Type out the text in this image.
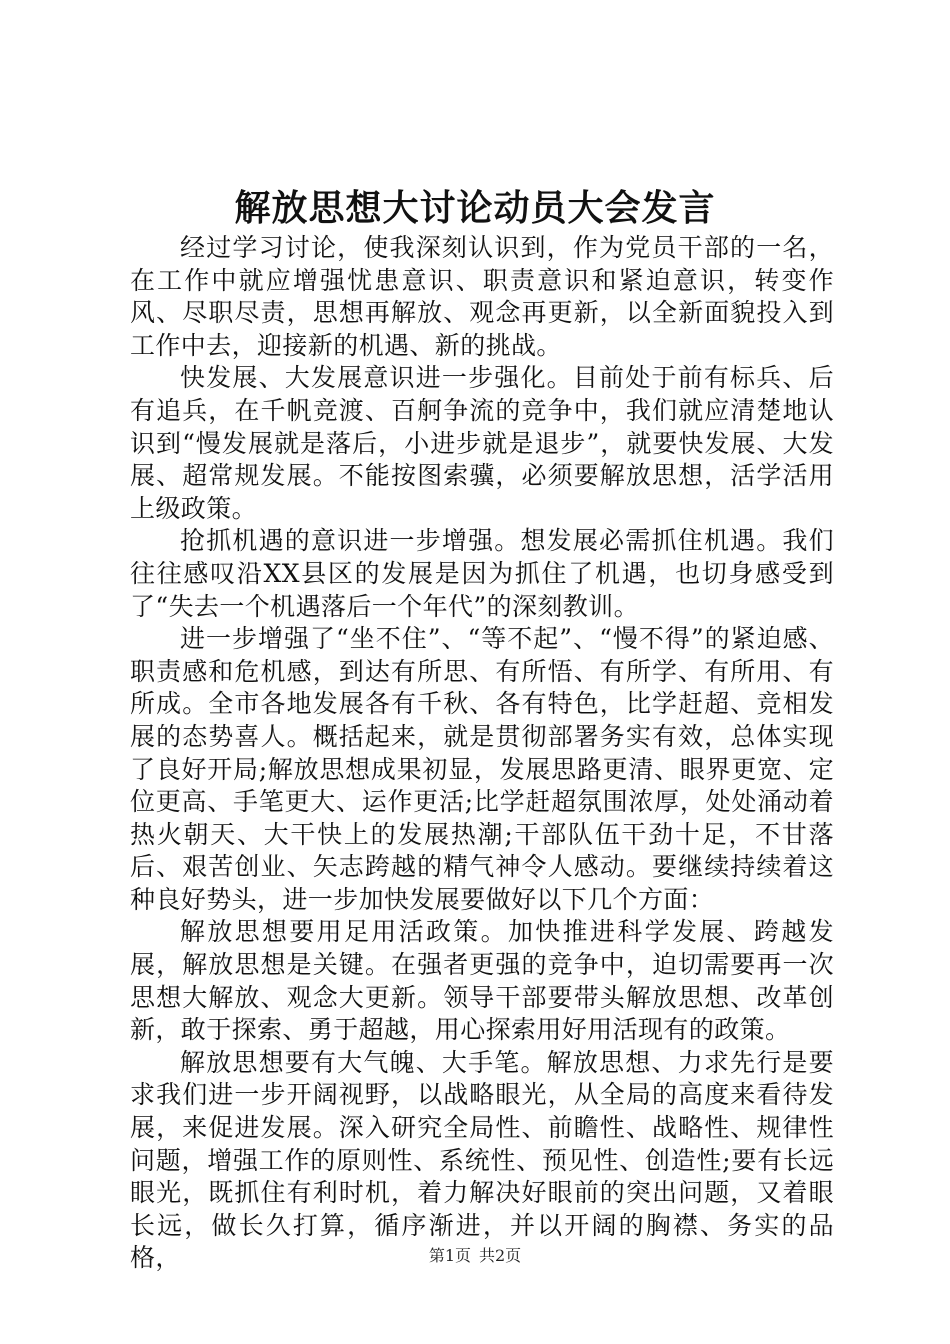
解放思想大讨论动员大会发言

经过学习讨论，使我深刻认识到，作为党员干部的一名，在工作中就应增强忧患意识、职责意识和紧迫意识，转变作风、尽职尽责，思想再解放、观念再更新，以全新面貌投入到工作中去，迎接新的机遇、新的挑战。

快发展、大发展意识进一步强化。目前处于前有标兵、后有追兵，在千帆竞渡、百舸争流的竞争中，我们就应清楚地认识到“慢发展就是落后，小进步就是退步”，就要快发展、大发展、超常规发展。不能按图索骥，必须要解放思想，活学活用上级政策。

抢抓机遇的意识进一步增强。想发展必需抓住机遇。我们往往感叹沿XX县区的发展是因为抓住了机遇，也切身感受到了“失去一个机遇落后一个年代”的深刻教训。

进一步增强了“坐不住”、“等不起”、“慢不得”的紧迫感、职责感和危机感，到达有所思、有所悟、有所学、有所用、有所成。全市各地发展各有千秋、各有特色，比学赶超、竞相发展的态势喜人。概括起来，就是贯彻部署务实有效，总体实现了良好开局;解放思想成果初显，发展思路更清、眼界更宽、定位更高、手笔更大、运作更活;比学赶超氛围浓厚，处处涌动着热火朝天、大干快上的发展热潮;干部队伍干劲十足，不甘落后、艰苦创业、矢志跨越的精气神令人感动。要继续持续着这种良好势头，进一步加快发展要做好以下几个方面：

解放思想要用足用活政策。加快推进科学发展、跨越发展，解放思想是关键。在强者更强的竞争中，迫切需要再一次思想大解放、观念大更新。领导干部要带头解放思想、改革创新，敢于探索、勇于超越，用心探索用好用活现有的政策。

解放思想要有大气魄、大手笔。解放思想、力求先行是要求我们进一步开阔视野，以战略眼光，从全局的高度来看待发展，来促进发展。深入研究全局性、前瞻性、战略性、规律性问题，增强工作的原则性、系统性、预见性、创造性;要有长远眼光，既抓住有利时机，着力解决好眼前的突出问题，又着眼长远，做长久打算，循序渐进，并以开阔的胸襟、务实的品格，	第1页 共2页
